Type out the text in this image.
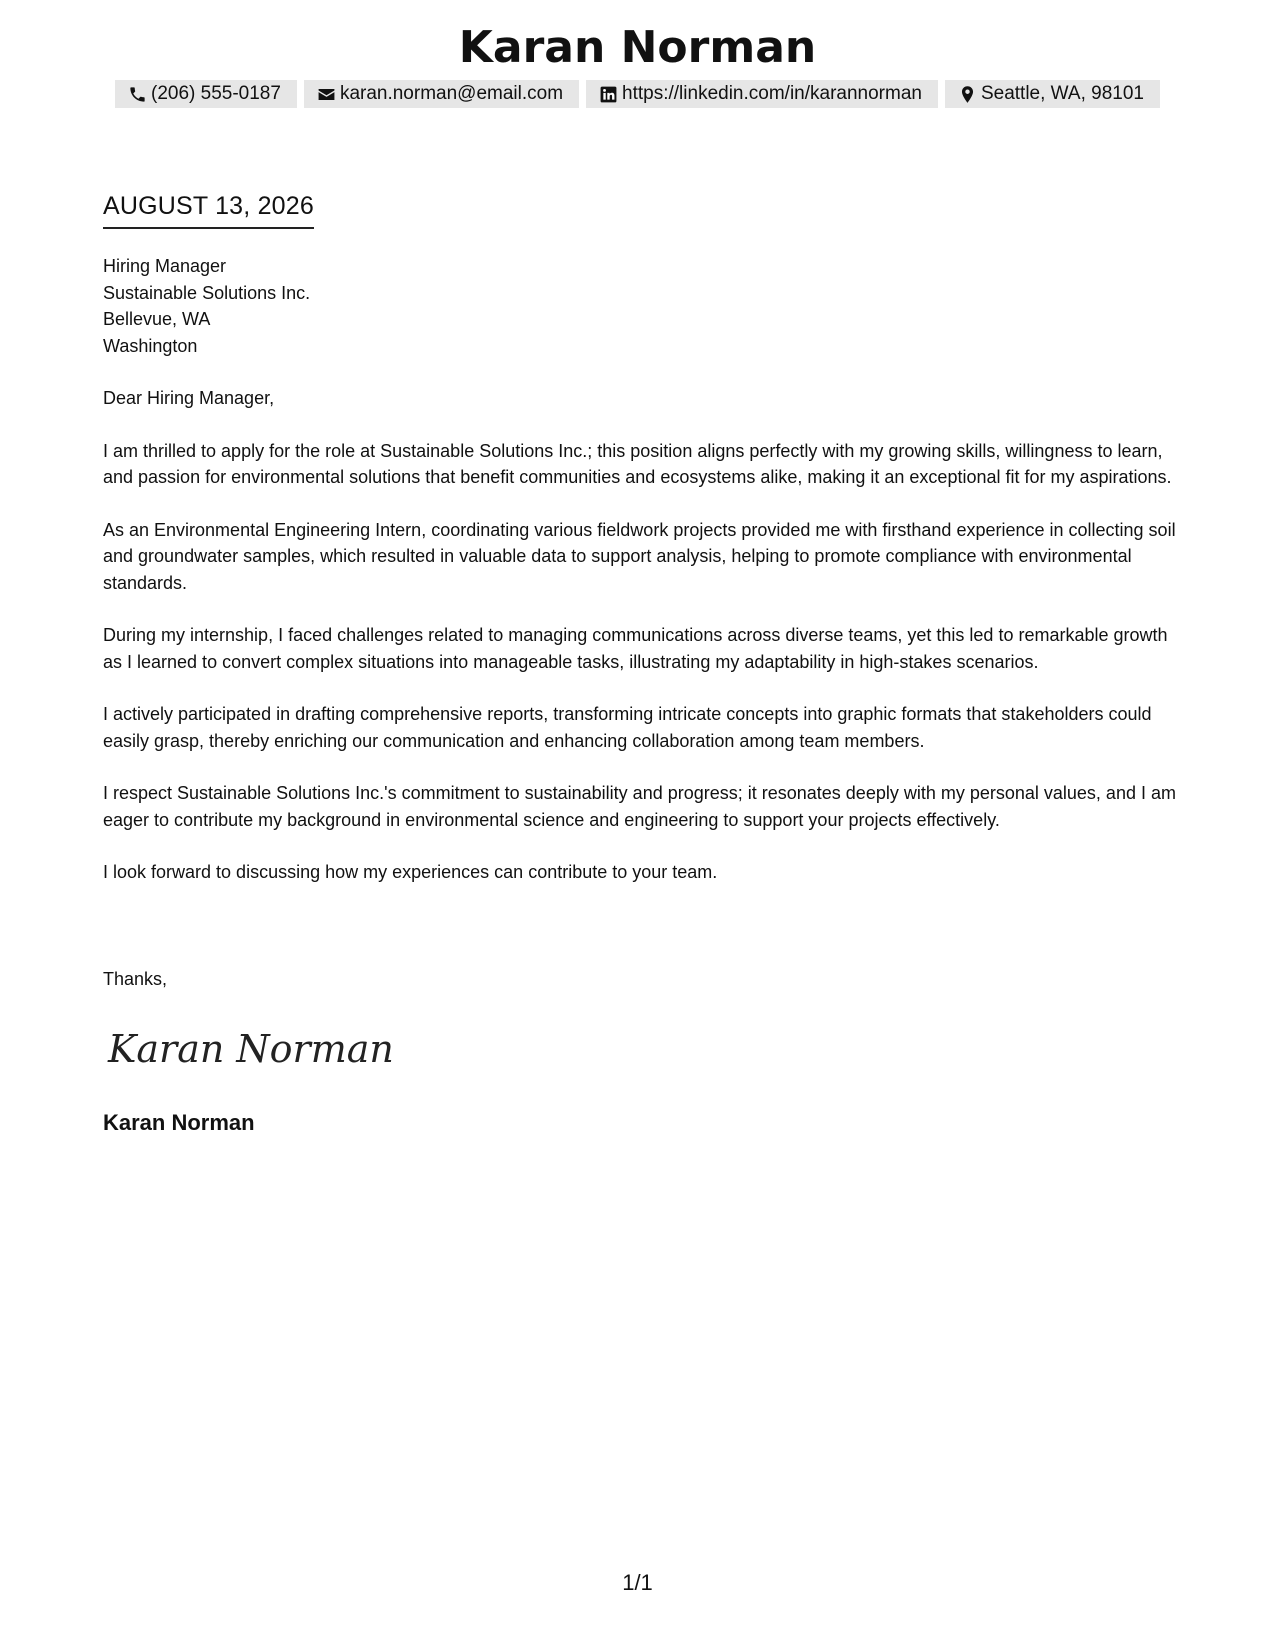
Karan Norman
(206) 555-0187	karan.norman@email.com	https://linkedin.com/in/karannorman	Seattle, WA, 98101
AUGUST 13, 2026
Hiring Manager
Sustainable Solutions Inc.
Bellevue, WA
Washington

Dear Hiring Manager,

I am thrilled to apply for the role at Sustainable Solutions Inc.; this position aligns perfectly with my growing skills, willingness to learn, and passion for environmental solutions that benefit communities and ecosystems alike, making it an exceptional fit for my aspirations.

As an Environmental Engineering Intern, coordinating various fieldwork projects provided me with firsthand experience in collecting soil and groundwater samples, which resulted in valuable data to support analysis, helping to promote compliance with environmental standards.

During my internship, I faced challenges related to managing communications across diverse teams, yet this led to remarkable growth as I learned to convert complex situations into manageable tasks, illustrating my adaptability in high-stakes scenarios.

I actively participated in drafting comprehensive reports, transforming intricate concepts into graphic formats that stakeholders could easily grasp, thereby enriching our communication and enhancing collaboration among team members.

I respect Sustainable Solutions Inc.'s commitment to sustainability and progress; it resonates deeply with my personal values, and I am eager to contribute my background in environmental science and engineering to support your projects effectively.

I look forward to discussing how my experiences can contribute to your team.

Thanks,
Karan Norman
Karan Norman
1/1
